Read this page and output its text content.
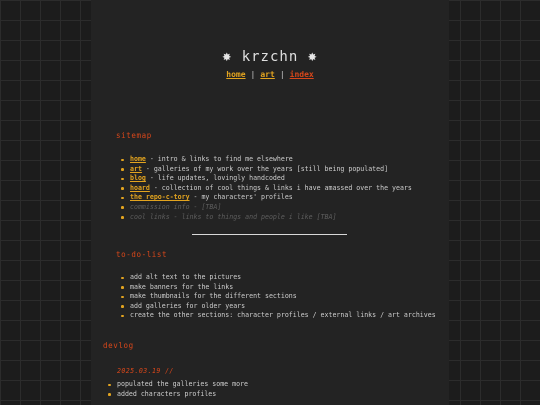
✸ krzchn ✸
home | art | index
sitemap
home - intro & links to find me elsewhere
art - galleries of my work over the years [still being populated]
blog - life updates, lovingly handcoded
hoard - collection of cool things & links i have amassed over the years
the repo-c-tory - my characters' profiles
commission info - [TBA]
cool links - links to things and people i like [TBA]
to-do-list
add alt text to the pictures
make banners for the links
make thumbnails for the different sections
add galleries for older years
create the other sections: character profiles / external links / art archives
devlog
2025.03.19 //
populated the galleries some more
added characters profiles
